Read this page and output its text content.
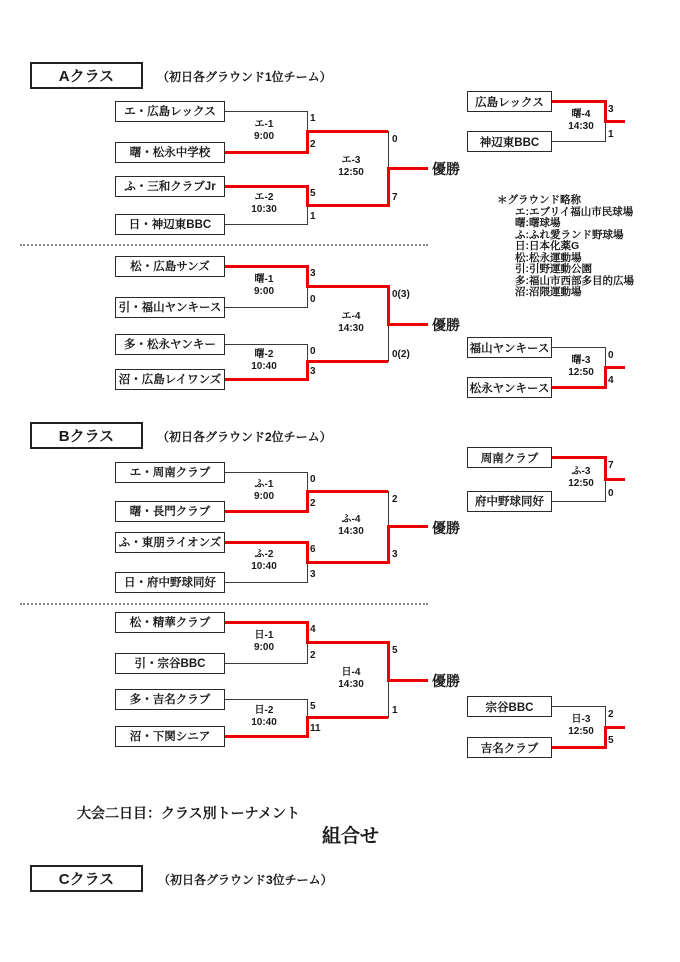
Aクラス	（初日各グラウンド1位チーム）
Bクラス	（初日各グラウンド2位チーム）
Cクラス	（初日各グラウンド3位チーム）
＊グラウンド略称
エ:エブリイ福山市民球場
曙:曙球場
ふ:ふれ愛ランド野球場
日:日本化薬G
松:松永運動場
引:引野運動公園
多:福山市西部多目的広場
沼:沼隈運動場
大会二日目：クラス別トーナメント
組合せ
エ・広島レックス
曙・松永中学校
ふ・三和クラブJr
日・神辺東BBC
1
2
エ-1
9:00
5
1
エ-2
10:30
0
7
エ-3
12:50	優勝
松・広島サンズ
引・福山ヤンキース
多・松永ヤンキー
沼・広島レイワンズ
3
0
曙-1
9:00
0
3
曙-2
10:40
0(3)
0(2)
エ-4
14:30	優勝
エ・周南クラブ
曙・長門クラブ
ふ・東朋ライオンズ
日・府中野球同好
0
2
ふ-1
9:00
6
3
ふ-2
10:40
2
3
ふ-4
14:30	優勝
松・精華クラブ
引・宗谷BBC
多・吉名クラブ
沼・下関シニア
4
2
日-1
9:00
5
11
日-2
10:40
5
1
日-4
14:30	優勝
広島レックス
神辺東BBC
3
1
曙-4
14:30
福山ヤンキース
松永ヤンキース
0
4
曙-3
12:50
周南クラブ
府中野球同好
7
0
ふ-3
12:50
宗谷BBC
吉名クラブ
2
5
日-3
12:50
